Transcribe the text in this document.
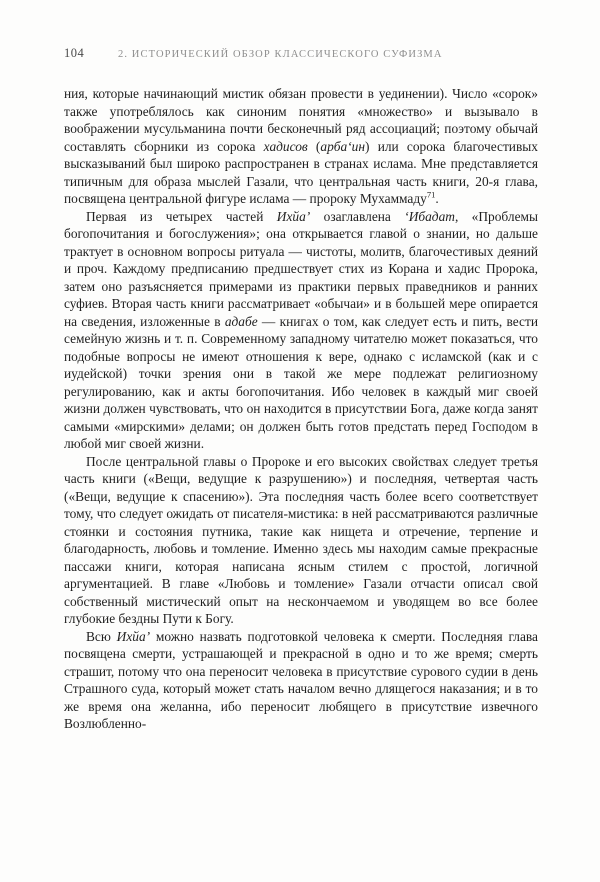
104	2. ИСТОРИЧЕСКИЙ ОБЗОР КЛАССИЧЕСКОГО СУФИЗМА

ния, которые начинающий мистик обязан провести в уединении). Число «сорок» также употреблялось как синоним понятия «множество» и вызывало в воображении мусульманина почти бесконечный ряд ассоциаций; поэтому обычай составлять сборники из сорока хадисов (арба‘ин) или сорока благочестивых высказываний был широко распространен в странах ислама. Мне представляется типичным для образа мыслей Газали, что центральная часть книги, 20-я глава, посвящена центральной фигуре ислама — пророку Мухаммаду$^{71}$.

Первая из четырех частей Ихйа’ озаглавлена ‘Ибадат, «Проблемы богопочитания и богослужения»; она открывается главой о знании, но дальше трактует в основном вопросы ритуала — чистоты, молитв, благочестивых деяний и проч. Каждому предписанию предшествует стих из Корана и хадис Пророка, затем оно разъясняется примерами из практики первых праведников и ранних суфиев. Вторая часть книги рассматривает «обычаи» и в большей мере опирается на сведения, изложенные в адабе — книгах о том, как следует есть и пить, вести семейную жизнь и т. п. Современному западному читателю может показаться, что подобные вопросы не имеют отношения к вере, однако с исламской (как и с иудейской) точки зрения они в такой же мере подлежат религиозному регулированию, как и акты богопочитания. Ибо человек в каждый миг своей жизни должен чувствовать, что он находится в присутствии Бога, даже когда занят самыми «мирскими» делами; он должен быть готов предстать перед Господом в любой миг своей жизни.

После центральной главы о Пророке и его высоких свойствах следует третья часть книги («Вещи, ведущие к разрушению») и последняя, четвертая часть («Вещи, ведущие к спасению»). Эта последняя часть более всего соответствует тому, что следует ожидать от писателя-мистика: в ней рассматриваются различные стоянки и состояния путника, такие как нищета и отречение, терпение и благодарность, любовь и томление. Именно здесь мы находим самые прекрасные пассажи книги, которая написана ясным стилем с простой, логичной аргументацией. В главе «Любовь и томление» Газали отчасти описал свой собственный мистический опыт на нескончаемом и уводящем во все более глубокие бездны Пути к Богу.

Всю Ихйа’ можно назвать подготовкой человека к смерти. Последняя глава посвящена смерти, устрашающей и прекрасной в одно и то же время; смерть страшит, потому что она переносит человека в присутствие сурового судии в день Страшного суда, который может стать началом вечно длящегося наказания; и в то же время она желанна, ибо переносит любящего в присутствие извечного Возлюбленно-
